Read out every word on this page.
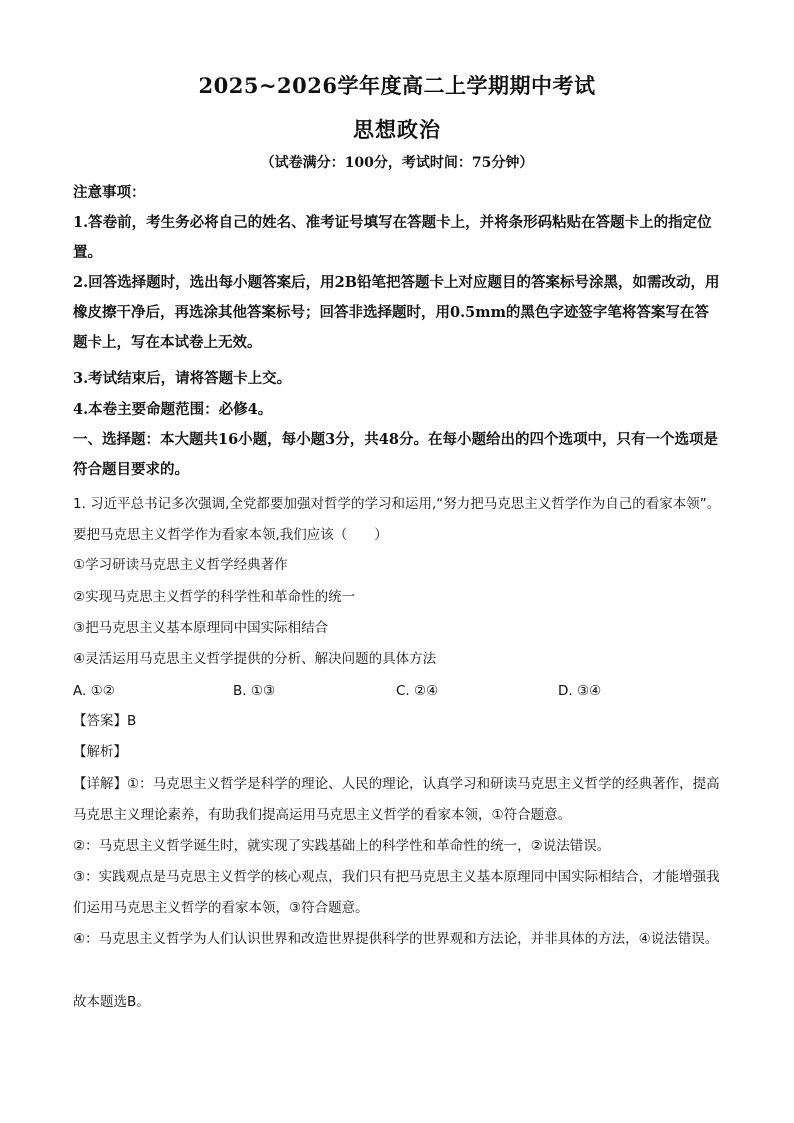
2025~2026学年度高二上学期期中考试
思想政治
（试卷满分：100分，考试时间：75分钟）
注意事项：
1.答卷前，考生务必将自己的姓名、准考证号填写在答题卡上，并将条形码粘贴在答题卡上的指定位置。
2.回答选择题时，选出每小题答案后，用2B铅笔把答题卡上对应题目的答案标号涂黑，如需改动，用橡皮擦干净后，再选涂其他答案标号；回答非选择题时，用0.5mm的黑色字迹签字笔将答案写在答题卡上，写在本试卷上无效。
3.考试结束后，请将答题卡上交。
4.本卷主要命题范围：必修4。
一、选择题：本大题共16小题，每小题3分，共48分。在每小题给出的四个选项中，只有一个选项是符合题目要求的。
1. 习近平总书记多次强调,全党都要加强对哲学的学习和运用,“努力把马克思主义哲学作为自己的看家本领”。要把马克思主义哲学作为看家本领,我们应该（　　）
①学习研读马克思主义哲学经典著作
②实现马克思主义哲学的科学性和革命性的统一
③把马克思主义基本原理同中国实际相结合
④灵活运用马克思主义哲学提供的分析、解决问题的具体方法
A. ①②	B. ①③	C. ②④	D. ③④
【答案】B
【解析】
【详解】①：马克思主义哲学是科学的理论、人民的理论，认真学习和研读马克思主义哲学的经典著作，提高马克思主义理论素养，有助我们提高运用马克思主义哲学的看家本领，①符合题意。
②：马克思主义哲学诞生时，就实现了实践基础上的科学性和革命性的统一，②说法错误。
③：实践观点是马克思主义哲学的核心观点，我们只有把马克思主义基本原理同中国实际相结合，才能增强我们运用马克思主义哲学的看家本领，③符合题意。
④：马克思主义哲学为人们认识世界和改造世界提供科学的世界观和方法论，并非具体的方法，④说法错误。
故本题选B。
